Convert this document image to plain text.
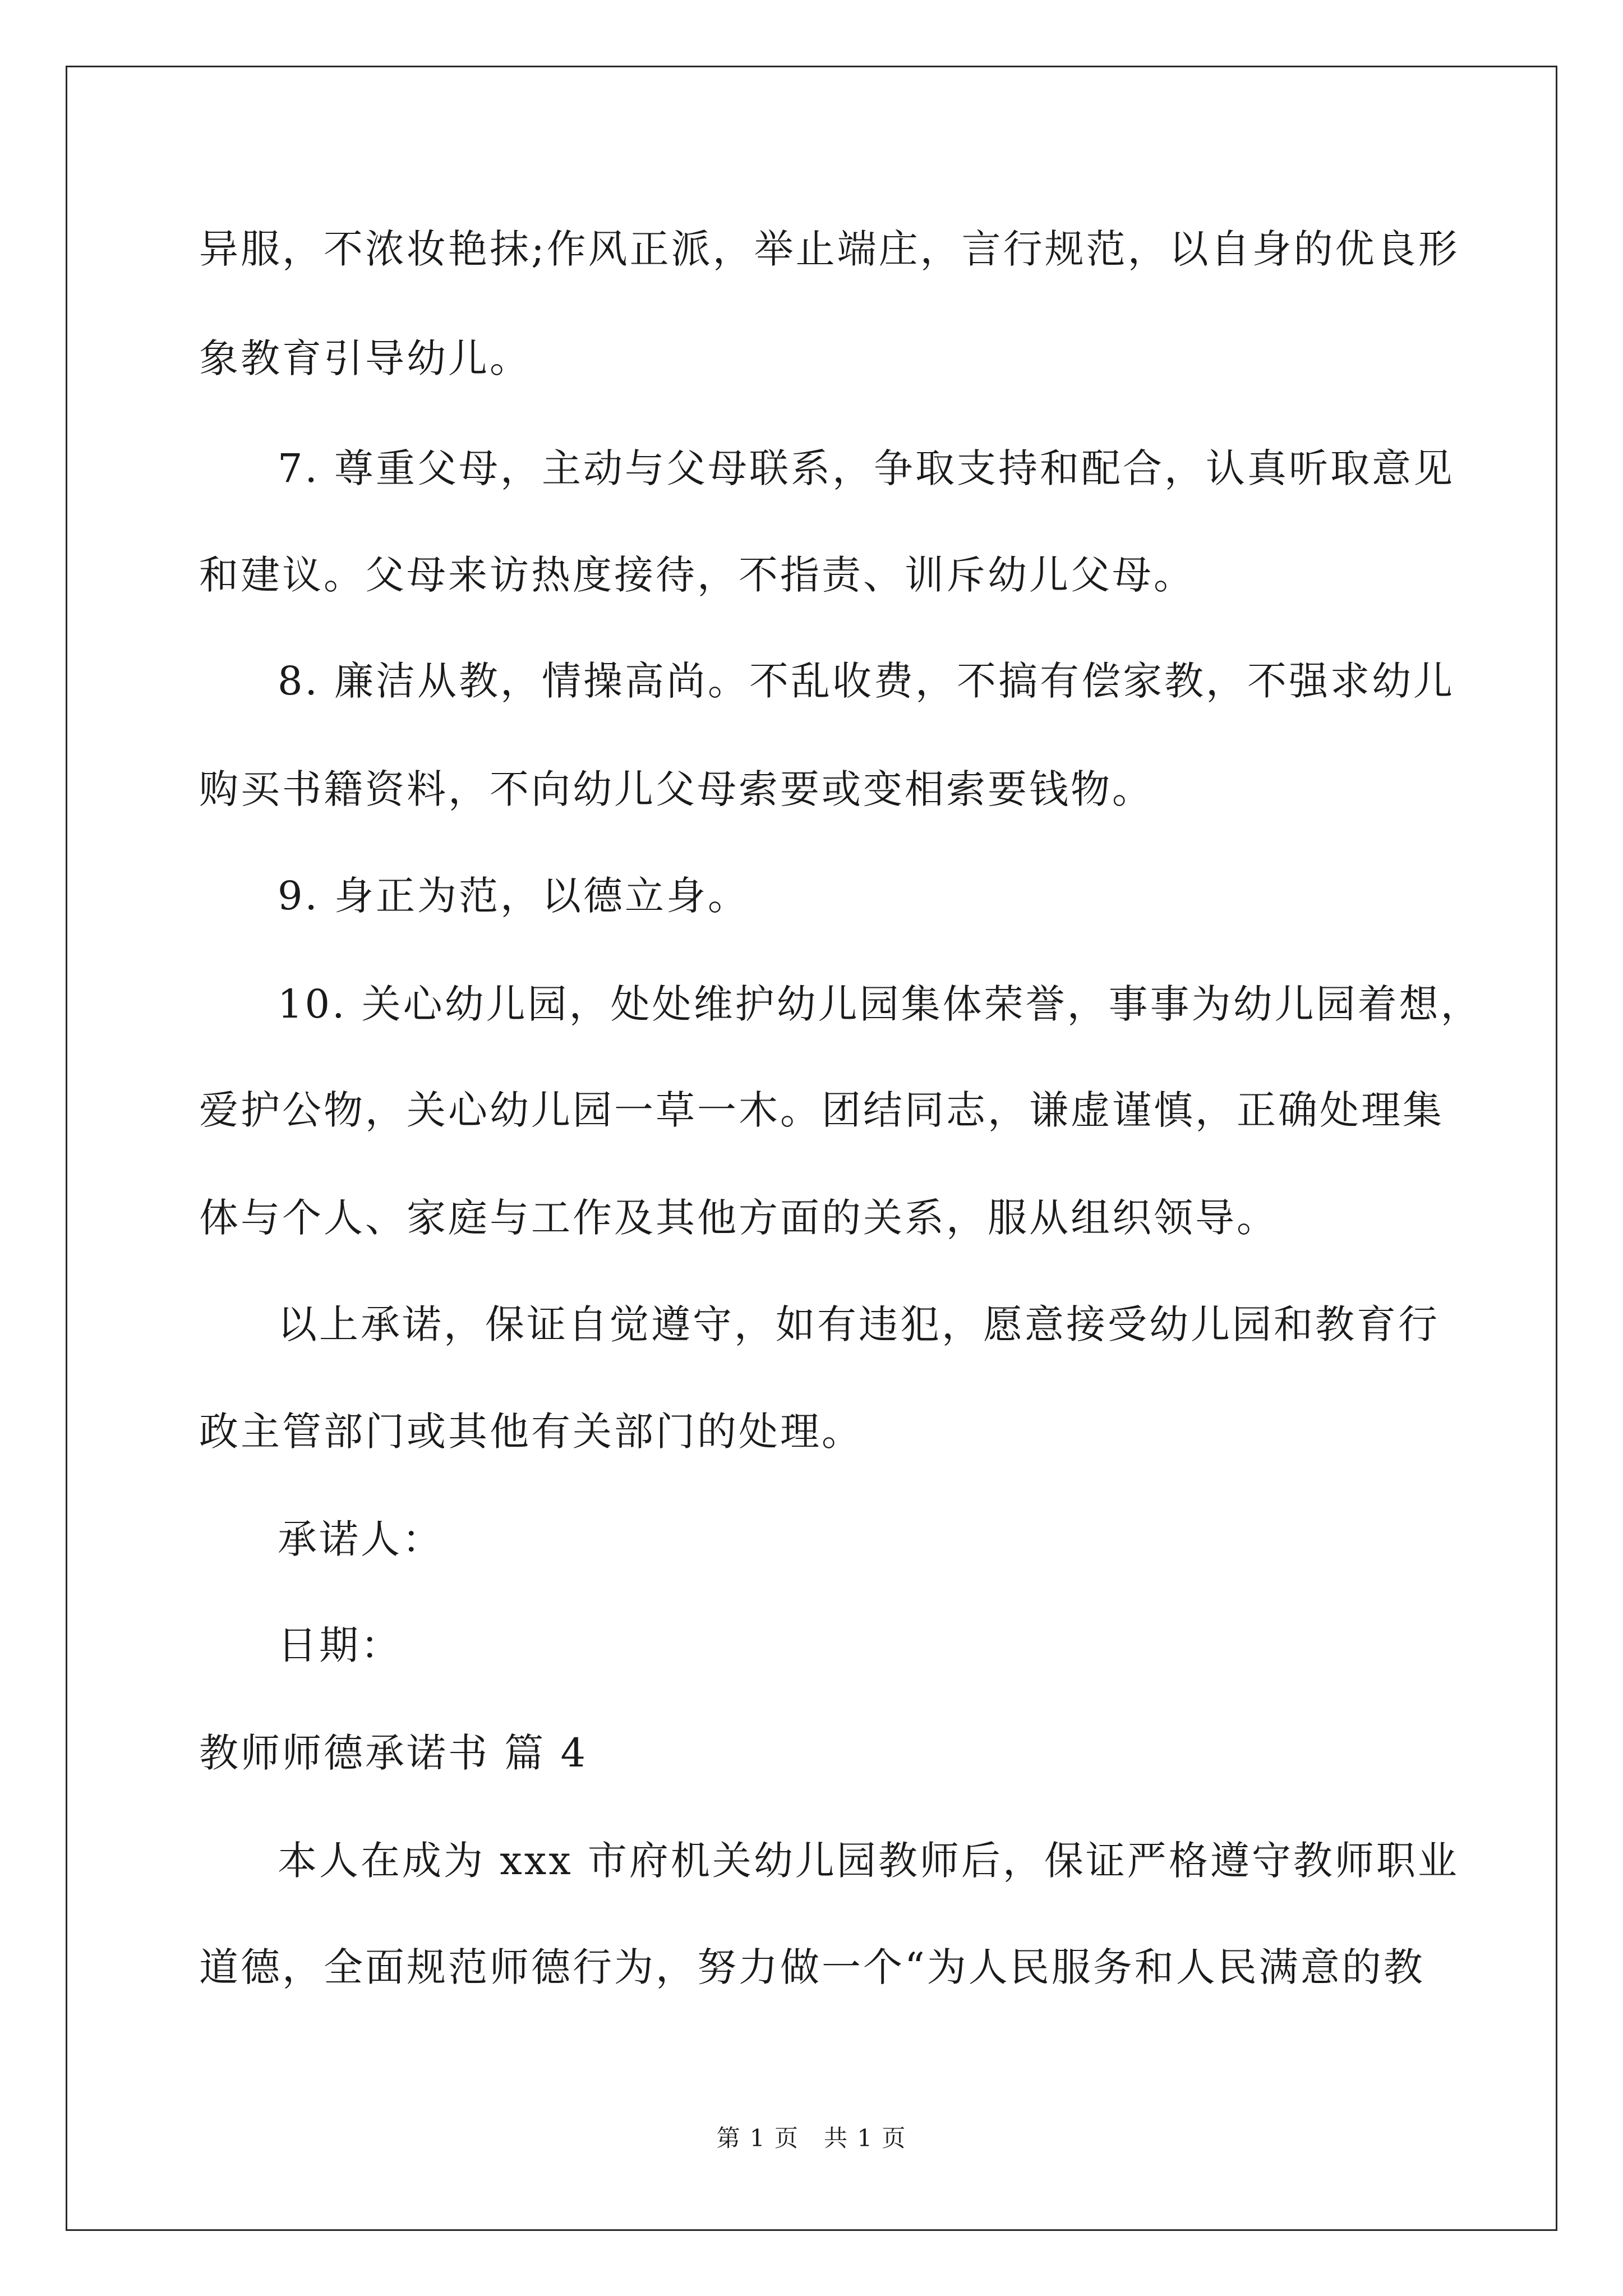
异服，不浓妆艳抹;作风正派，举止端庄，言行规范，以自身的优良形
象教育引导幼儿。
7. 尊重父母，主动与父母联系，争取支持和配合，认真听取意见
和建议。父母来访热度接待，不指责、训斥幼儿父母。
8. 廉洁从教，情操高尚。不乱收费，不搞有偿家教，不强求幼儿
购买书籍资料，不向幼儿父母索要或变相索要钱物。
9. 身正为范，以德立身。
10. 关心幼儿园，处处维护幼儿园集体荣誉，事事为幼儿园着想，
爱护公物，关心幼儿园一草一木。团结同志，谦虚谨慎，正确处理集
体与个人、家庭与工作及其他方面的关系，服从组织领导。
以上承诺，保证自觉遵守，如有违犯，愿意接受幼儿园和教育行
政主管部门或其他有关部门的处理。
承诺人：
日期：
教师师德承诺书 篇 4
本人在成为 xxx 市府机关幼儿园教师后，保证严格遵守教师职业
道德，全面规范师德行为，努力做一个“为人民服务和人民满意的教
第 1 页 共 1 页
